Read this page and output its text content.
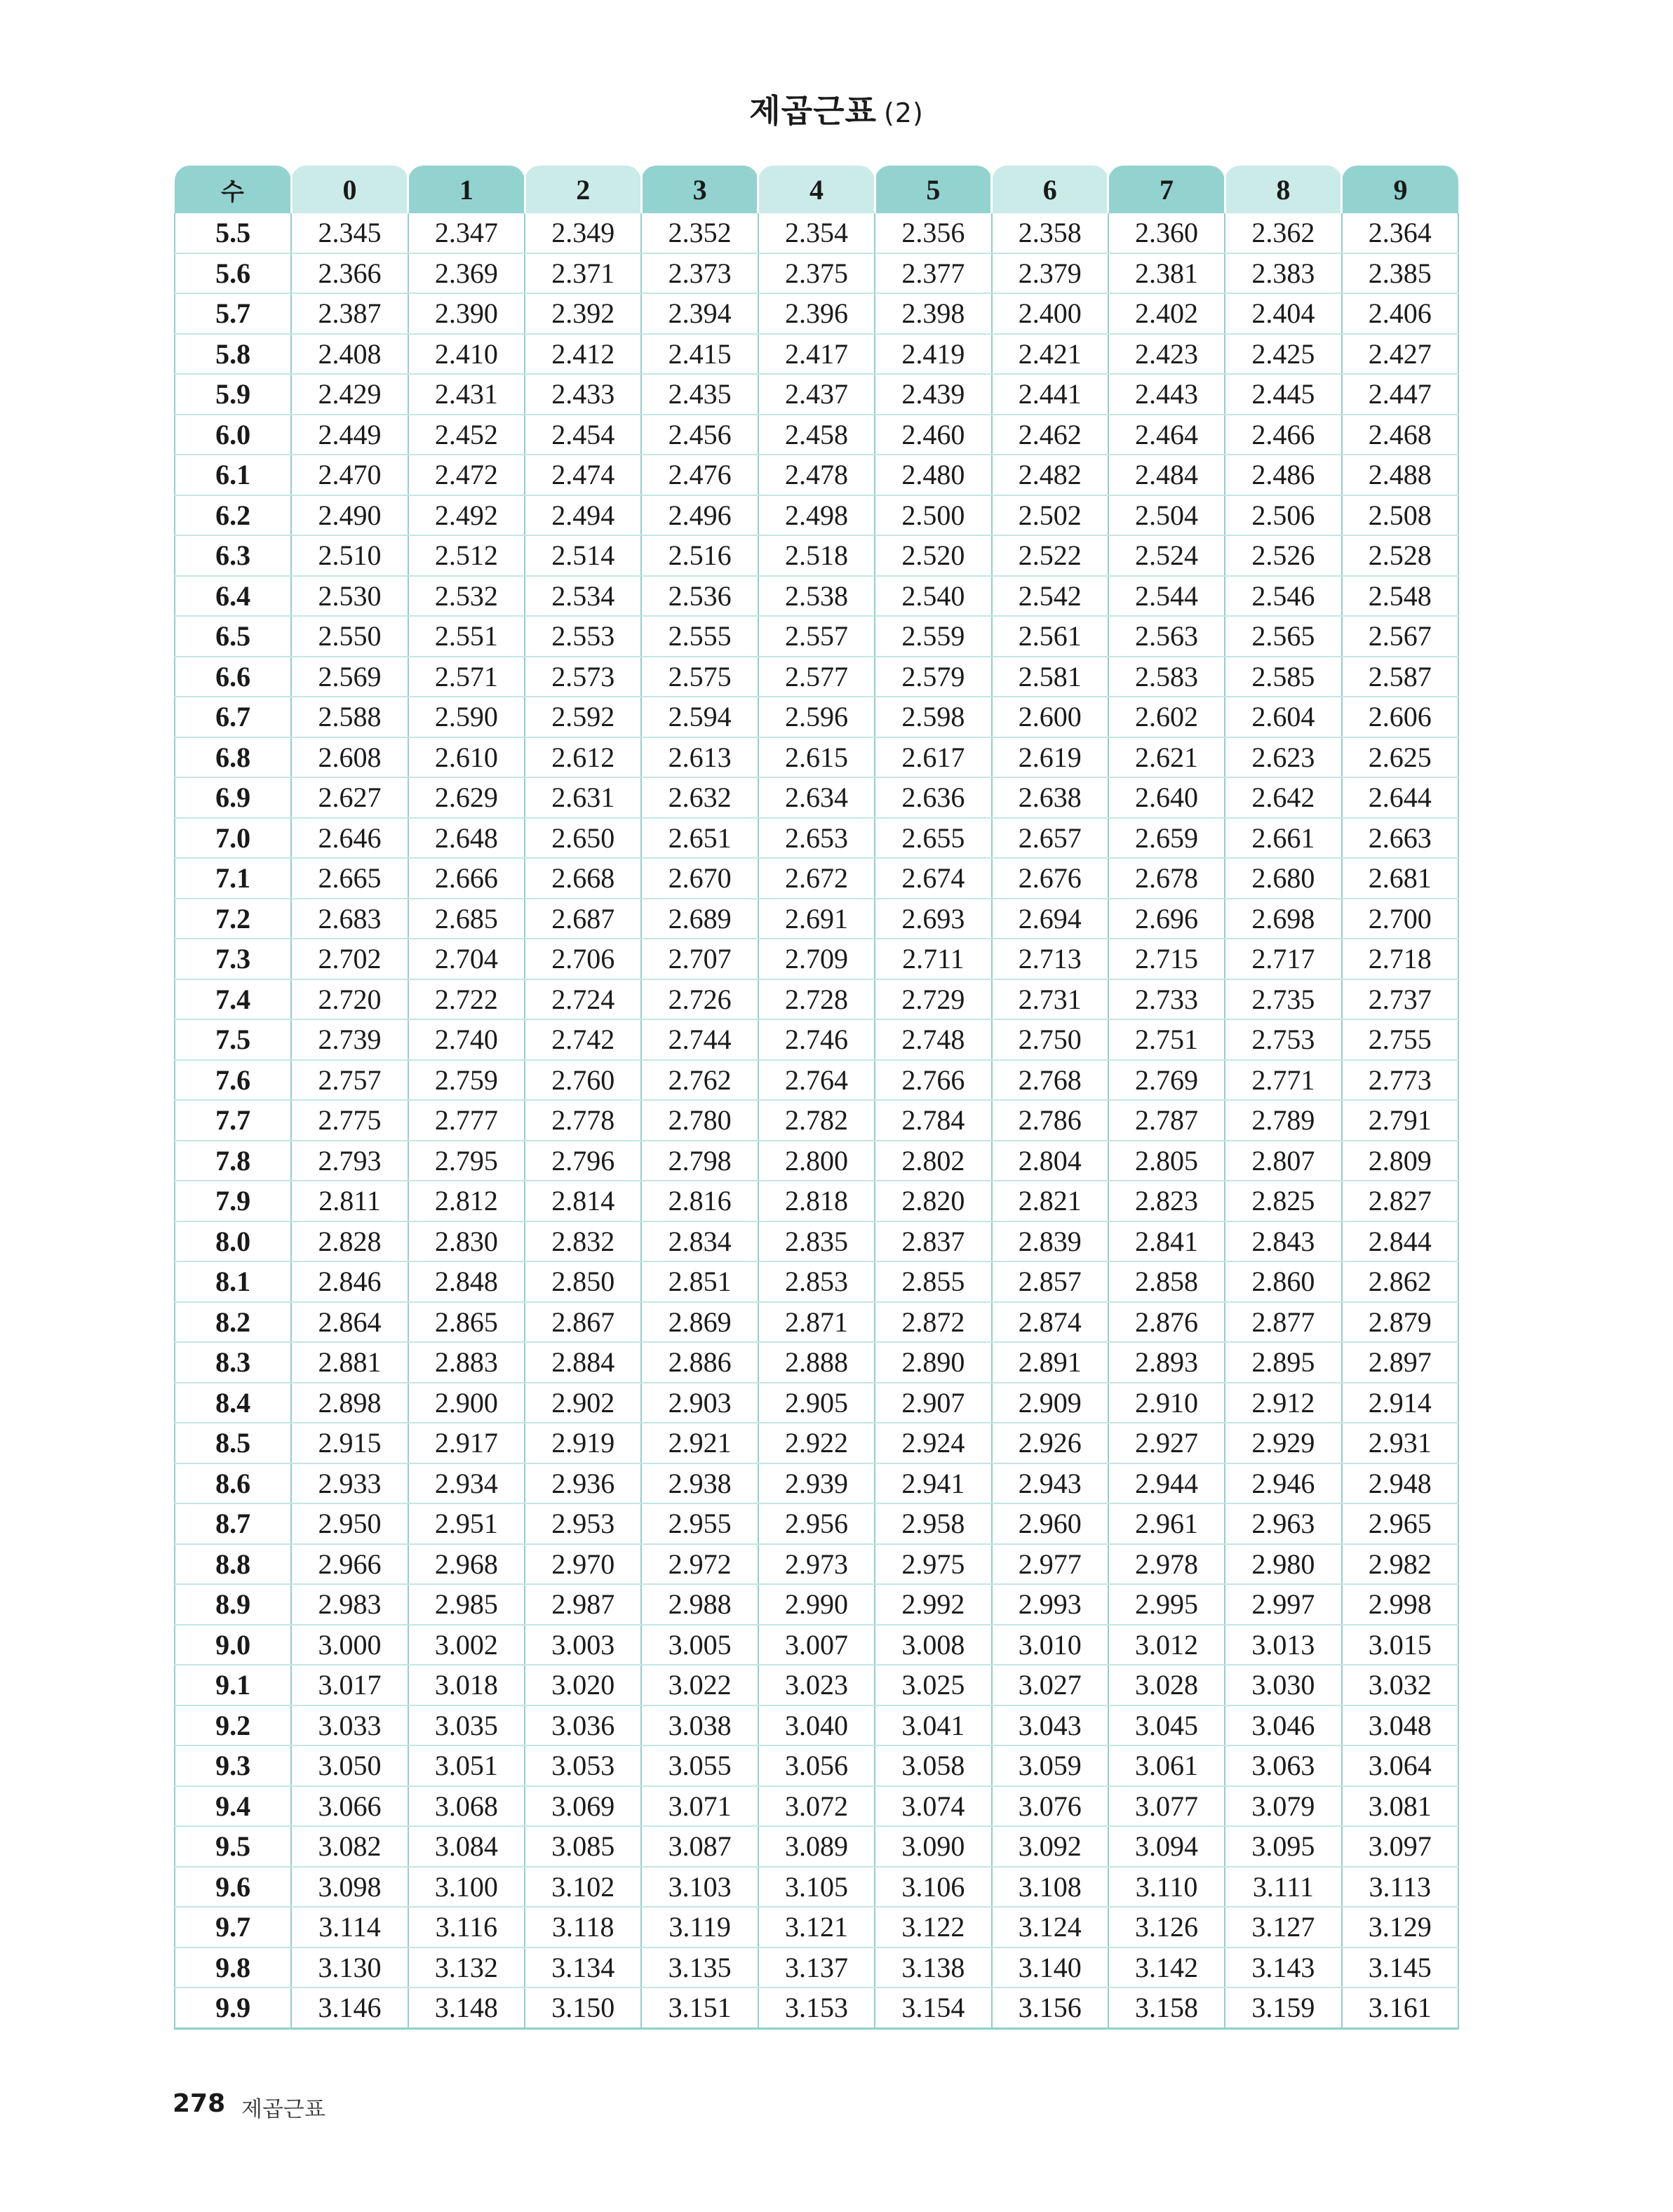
제곱근표 (2)
수	0	1	2	3	4	5	6	7	8	9
5.5	2.345	2.347	2.349	2.352	2.354	2.356	2.358	2.360	2.362	2.364
5.6	2.366	2.369	2.371	2.373	2.375	2.377	2.379	2.381	2.383	2.385
5.7	2.387	2.390	2.392	2.394	2.396	2.398	2.400	2.402	2.404	2.406
5.8	2.408	2.410	2.412	2.415	2.417	2.419	2.421	2.423	2.425	2.427
5.9	2.429	2.431	2.433	2.435	2.437	2.439	2.441	2.443	2.445	2.447
6.0	2.449	2.452	2.454	2.456	2.458	2.460	2.462	2.464	2.466	2.468
6.1	2.470	2.472	2.474	2.476	2.478	2.480	2.482	2.484	2.486	2.488
6.2	2.490	2.492	2.494	2.496	2.498	2.500	2.502	2.504	2.506	2.508
6.3	2.510	2.512	2.514	2.516	2.518	2.520	2.522	2.524	2.526	2.528
6.4	2.530	2.532	2.534	2.536	2.538	2.540	2.542	2.544	2.546	2.548
6.5	2.550	2.551	2.553	2.555	2.557	2.559	2.561	2.563	2.565	2.567
6.6	2.569	2.571	2.573	2.575	2.577	2.579	2.581	2.583	2.585	2.587
6.7	2.588	2.590	2.592	2.594	2.596	2.598	2.600	2.602	2.604	2.606
6.8	2.608	2.610	2.612	2.613	2.615	2.617	2.619	2.621	2.623	2.625
6.9	2.627	2.629	2.631	2.632	2.634	2.636	2.638	2.640	2.642	2.644
7.0	2.646	2.648	2.650	2.651	2.653	2.655	2.657	2.659	2.661	2.663
7.1	2.665	2.666	2.668	2.670	2.672	2.674	2.676	2.678	2.680	2.681
7.2	2.683	2.685	2.687	2.689	2.691	2.693	2.694	2.696	2.698	2.700
7.3	2.702	2.704	2.706	2.707	2.709	2.711	2.713	2.715	2.717	2.718
7.4	2.720	2.722	2.724	2.726	2.728	2.729	2.731	2.733	2.735	2.737
7.5	2.739	2.740	2.742	2.744	2.746	2.748	2.750	2.751	2.753	2.755
7.6	2.757	2.759	2.760	2.762	2.764	2.766	2.768	2.769	2.771	2.773
7.7	2.775	2.777	2.778	2.780	2.782	2.784	2.786	2.787	2.789	2.791
7.8	2.793	2.795	2.796	2.798	2.800	2.802	2.804	2.805	2.807	2.809
7.9	2.811	2.812	2.814	2.816	2.818	2.820	2.821	2.823	2.825	2.827
8.0	2.828	2.830	2.832	2.834	2.835	2.837	2.839	2.841	2.843	2.844
8.1	2.846	2.848	2.850	2.851	2.853	2.855	2.857	2.858	2.860	2.862
8.2	2.864	2.865	2.867	2.869	2.871	2.872	2.874	2.876	2.877	2.879
8.3	2.881	2.883	2.884	2.886	2.888	2.890	2.891	2.893	2.895	2.897
8.4	2.898	2.900	2.902	2.903	2.905	2.907	2.909	2.910	2.912	2.914
8.5	2.915	2.917	2.919	2.921	2.922	2.924	2.926	2.927	2.929	2.931
8.6	2.933	2.934	2.936	2.938	2.939	2.941	2.943	2.944	2.946	2.948
8.7	2.950	2.951	2.953	2.955	2.956	2.958	2.960	2.961	2.963	2.965
8.8	2.966	2.968	2.970	2.972	2.973	2.975	2.977	2.978	2.980	2.982
8.9	2.983	2.985	2.987	2.988	2.990	2.992	2.993	2.995	2.997	2.998
9.0	3.000	3.002	3.003	3.005	3.007	3.008	3.010	3.012	3.013	3.015
9.1	3.017	3.018	3.020	3.022	3.023	3.025	3.027	3.028	3.030	3.032
9.2	3.033	3.035	3.036	3.038	3.040	3.041	3.043	3.045	3.046	3.048
9.3	3.050	3.051	3.053	3.055	3.056	3.058	3.059	3.061	3.063	3.064
9.4	3.066	3.068	3.069	3.071	3.072	3.074	3.076	3.077	3.079	3.081
9.5	3.082	3.084	3.085	3.087	3.089	3.090	3.092	3.094	3.095	3.097
9.6	3.098	3.100	3.102	3.103	3.105	3.106	3.108	3.110	3.111	3.113
9.7	3.114	3.116	3.118	3.119	3.121	3.122	3.124	3.126	3.127	3.129
9.8	3.130	3.132	3.134	3.135	3.137	3.138	3.140	3.142	3.143	3.145
9.9	3.146	3.148	3.150	3.151	3.153	3.154	3.156	3.158	3.159	3.161
278 제곱근표
